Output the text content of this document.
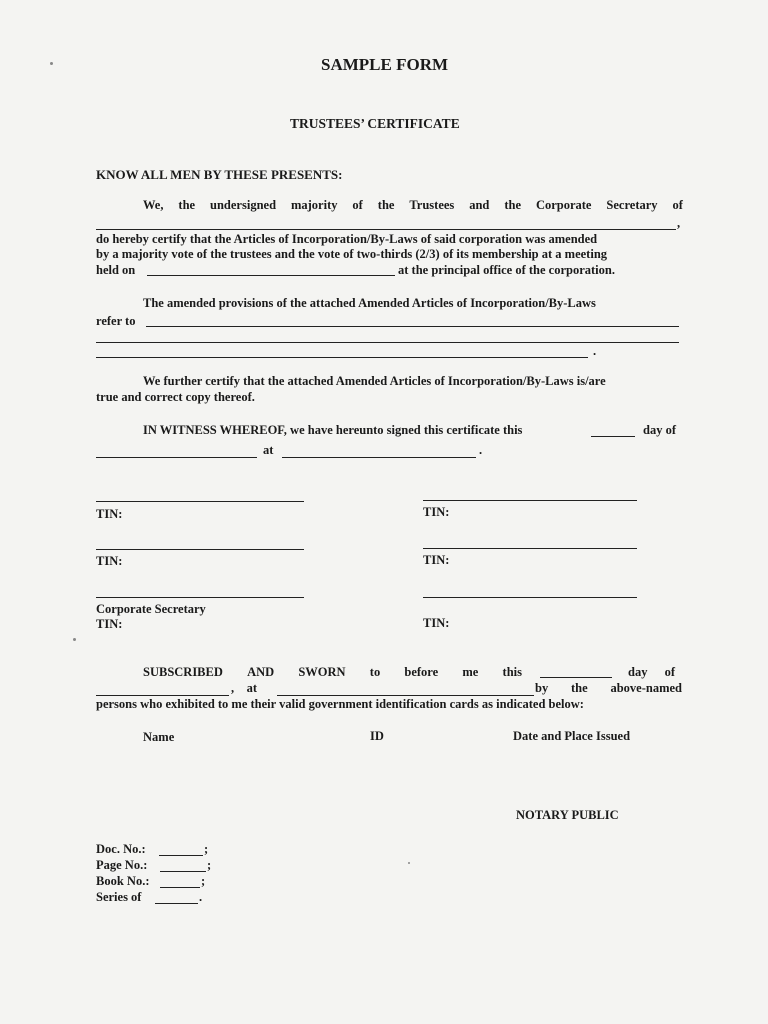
SAMPLE FORM
TRUSTEES’ CERTIFICATE
KNOW ALL MEN BY THESE PRESENTS:
We, the undersigned majority of the Trustees and the Corporate Secretary of
,
do hereby certify that the Articles of Incorporation/By-Laws of said corporation was amended
by a majority vote of the trustees and the vote of two-thirds (2/3) of its membership at a meeting
held on	at the principal office of the corporation.
The amended provisions of the attached Amended Articles of Incorporation/By-Laws
refer to
.
We further certify that the attached Amended Articles of Incorporation/By-Laws is/are
true and correct copy thereof.
IN WITNESS WHEREOF, we have hereunto signed this certificate this	day of
at	.
TIN:	TIN:
TIN:	TIN:
Corporate Secretary
TIN:	TIN:
SUBSCRIBED AND SWORN to before me this	day of
,    at	by the above-named
persons who exhibited to me their valid government identification cards as indicated below:
Name	ID	Date and Place Issued
NOTARY PUBLIC
Doc. No.:	;
Page No.:	;
Book No.:	;
Series of	.
